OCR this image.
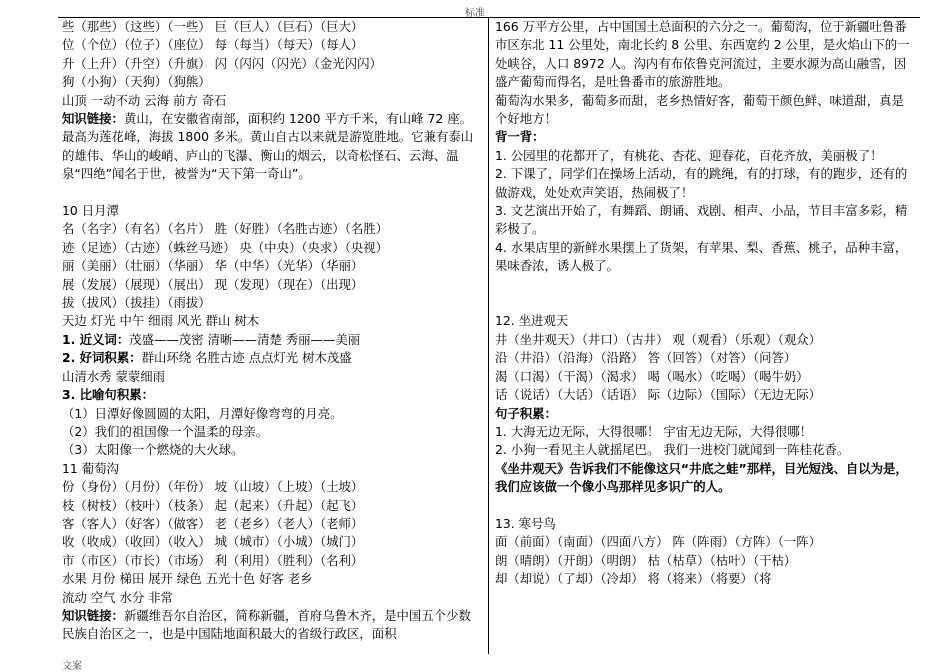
标准
些（那些）（这些）（一些） 巨（巨人）（巨石）（巨大）
位（个位）（位子）（座位） 每（每当）（每天）（每人）
升（上升）（升空）（升旗） 闪（闪闪（闪光）（金光闪闪）
狗（小狗）（天狗）（狗熊）
山顶 一动不动 云海 前方 奇石
知识链接：黄山，在安徽省南部，面积约 1200 平方千米，有山峰 72 座。最高为莲花峰，海拔 1800 多米。黄山自古以来就是游览胜地。它兼有泰山的雄伟、华山的峻峭、庐山的飞瀑、衡山的烟云，以奇松怪石、云海、温泉“四绝”闻名于世，被誉为“天下第一奇山”。
10 日月潭
名（名字）（有名）（名片） 胜（好胜）（名胜古迹）（名胜）
迹（足迹）（古迹）（蛛丝马迹） 央（中央）（央求）（央视）
丽（美丽）（壮丽）（华丽） 华（中华）（光华）（华丽）
展（发展）（展现）（展出） 现（发现）（现在）（出现）
拔（拔风）（拔挂）（雨拔）
天边 灯光 中午 细雨 风光 群山 树木
1. 近义词：茂盛——茂密 清晰——清楚 秀丽——美丽
2. 好词积累：群山环绕 名胜古迹 点点灯光 树木茂盛
山清水秀 蒙蒙细雨
3. 比喻句积累：
（1）日潭好像圆圆的太阳，月潭好像弯弯的月亮。
（2）我们的祖国像一个温柔的母亲。
（3）太阳像一个燃烧的大火球。
11 葡萄沟
份（身份）（月份）（年份） 坡（山坡）（上坡）（土坡）
枝（树枝）（枝叶）（枝条） 起（起来）（升起）（起飞）
客（客人）（好客）（做客） 老（老乡）（老人）（老师）
收（收成）（收回）（收入） 城（城市）（小城）（城门）
市（市区）（市长）（市场） 利（利用）（胜利）（名利）
水果 月份 梯田 展开 绿色 五光十色 好客 老乡
流动 空气 水分 非常
知识链接：新疆维吾尔自治区，简称新疆，首府乌鲁木齐，是中国五个少数民族自治区之一，也是中国陆地面积最大的省级行政区，面积
166 万平方公里，占中国国土总面积的六分之一。葡萄沟，位于新疆吐鲁番市区东北 11 公里处，南北长约 8 公里、东西宽约 2 公里，是火焰山下的一处峡谷，人口 8972 人。沟内有布依鲁克河流过，主要水源为高山融雪，因盛产葡萄而得名，是吐鲁番市的旅游胜地。
葡萄沟水果多，葡萄多而甜，老乡热情好客，葡萄干颜色鲜、味道甜，真是个好地方！
背一背：
1. 公园里的花都开了，有桃花、杏花、迎春花，百花齐放，美丽极了！
2. 下课了，同学们在操场上活动，有的跳绳，有的打球，有的跑步，还有的做游戏，处处欢声笑语，热闹极了！
3. 文艺演出开始了，有舞蹈、朗诵、戏剧、相声、小品，节目丰富多彩，精彩极了。
4. 水果店里的新鲜水果摆上了货架，有苹果、梨、香蕉、桃子，品种丰富，果味香浓，诱人极了。
12. 坐进观天
井（坐井观天）（井口）（古井） 观（观看）（乐观）（观众）
沿（井沿）（沿海）（沿路） 答（回答）（对答）（问答）
渴（口渴）（干渴）（渴求） 喝（喝水）（吃喝）（喝牛奶）
话（说话）（大话）（话语） 际（边际）（国际）（无边无际）
句子积累：
1. 大海无边无际，大得很哪！ 宇宙无边无际，大得很哪！
2. 小狗一看见主人就摇尾巴。 我们一进校门就闻到一阵桂花香。
《坐井观天》告诉我们不能像这只“井底之蛙”那样，目光短浅、自以为是，我们应该做一个像小鸟那样见多识广的人。
13. 寒号鸟
面（前面）（南面）（四面八方） 阵（阵雨）（方阵）（一阵）
朗（晴朗）（开朗）（明朗） 枯（枯草）（枯叶）（干枯）
却（却说）（了却）（冷却） 将（将来）（将要）（将
文案
